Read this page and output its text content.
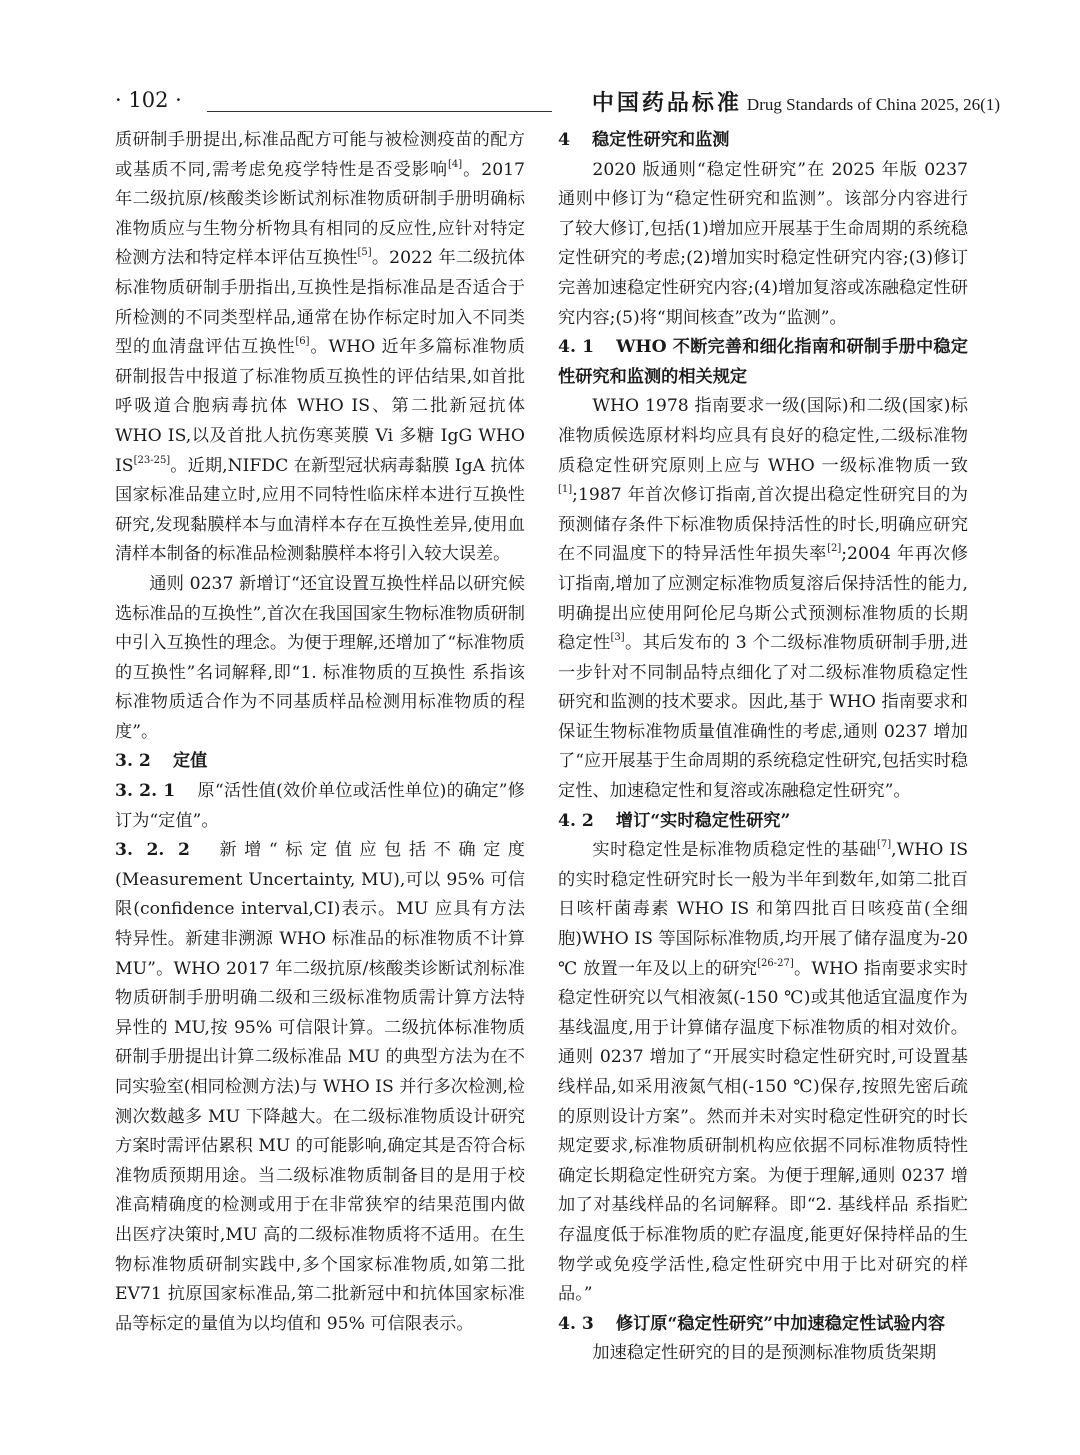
· 102 ·	中国药品标准 Drug Standards of China 2025, 26(1)

质研制手册提出,标准品配方可能与被检测疫苗的配方或基质不同,需考虑免疫学特性是否受影响[4]。2017 年二级抗原/核酸类诊断试剂标准物质研制手册明确标准物质应与生物分析物具有相同的反应性,应针对特定检测方法和特定样本评估互换性[5]。2022 年二级抗体标准物质研制手册指出,互换性是指标准品是否适合于所检测的不同类型样品,通常在协作标定时加入不同类型的血清盘评估互换性[6]。WHO 近年多篇标准物质研制报告中报道了标准物质互换性的评估结果,如首批呼吸道合胞病毒抗体 WHO IS、第二批新冠抗体 WHO IS,以及首批人抗伤寒荚膜 Vi 多糖 IgG WHO IS[23-25]。近期,NIFDC 在新型冠状病毒黏膜 IgA 抗体国家标准品建立时,应用不同特性临床样本进行互换性研究,发现黏膜样本与血清样本存在互换性差异,使用血清样本制备的标准品检测黏膜样本将引入较大误差。

通则 0237 新增订“还宜设置互换性样品以研究候选标准品的互换性”,首次在我国国家生物标准物质研制中引入互换性的理念。为便于理解,还增加了“标准物质的互换性”名词解释,即“1. 标准物质的互换性 系指该标准物质适合作为不同基质样品检测用标准物质的程度”。

3. 2 定值

3. 2. 1 原“活性值(效价单位或活性单位)的确定”修订为“定值”。

3. 2. 2 新增“标定值应包括不确定度(Measurement Uncertainty, MU),可以 95% 可信限(confidence interval,CI)表示。MU 应具有方法特异性。新建非溯源 WHO 标准品的标准物质不计算 MU”。WHO 2017 年二级抗原/核酸类诊断试剂标准物质研制手册明确二级和三级标准物质需计算方法特异性的 MU,按 95% 可信限计算。二级抗体标准物质研制手册提出计算二级标准品 MU 的典型方法为在不同实验室(相同检测方法)与 WHO IS 并行多次检测,检测次数越多 MU 下降越大。在二级标准物质设计研究方案时需评估累积 MU 的可能影响,确定其是否符合标准物质预期用途。当二级标准物质制备目的是用于校准高精确度的检测或用于在非常狭窄的结果范围内做出医疗决策时,MU 高的二级标准物质将不适用。在生物标准物质研制实践中,多个国家标准物质,如第二批 EV71 抗原国家标准品,第二批新冠中和抗体国家标准品等标定的量值为以均值和 95% 可信限表示。

4 稳定性研究和监测

2020 版通则“稳定性研究”在 2025 年版 0237 通则中修订为“稳定性研究和监测”。该部分内容进行了较大修订,包括(1)增加应开展基于生命周期的系统稳定性研究的考虑;(2)增加实时稳定性研究内容;(3)修订完善加速稳定性研究内容;(4)增加复溶或冻融稳定性研究内容;(5)将“期间核查”改为“监测”。

4. 1 WHO 不断完善和细化指南和研制手册中稳定性研究和监测的相关规定

WHO 1978 指南要求一级(国际)和二级(国家)标准物质候选原材料均应具有良好的稳定性,二级标准物质稳定性研究原则上应与 WHO 一级标准物质一致[1];1987 年首次修订指南,首次提出稳定性研究目的为预测储存条件下标准物质保持活性的时长,明确应研究在不同温度下的特异活性年损失率[2];2004 年再次修订指南,增加了应测定标准物质复溶后保持活性的能力,明确提出应使用阿伦尼乌斯公式预测标准物质的长期稳定性[3]。其后发布的 3 个二级标准物质研制手册,进一步针对不同制品特点细化了对二级标准物质稳定性研究和监测的技术要求。因此,基于 WHO 指南要求和保证生物标准物质量值准确性的考虑,通则 0237 增加了“应开展基于生命周期的系统稳定性研究,包括实时稳定性、加速稳定性和复溶或冻融稳定性研究”。

4. 2 增订“实时稳定性研究”

实时稳定性是标准物质稳定性的基础[7],WHO IS 的实时稳定性研究时长一般为半年到数年,如第二批百日咳杆菌毒素 WHO IS 和第四批百日咳疫苗(全细胞)WHO IS 等国际标准物质,均开展了储存温度为-20 ℃ 放置一年及以上的研究[26-27]。WHO 指南要求实时稳定性研究以气相液氮(-150 ℃)或其他适宜温度作为基线温度,用于计算储存温度下标准物质的相对效价。通则 0237 增加了“开展实时稳定性研究时,可设置基线样品,如采用液氮气相(-150 ℃)保存,按照先密后疏的原则设计方案”。然而并未对实时稳定性研究的时长规定要求,标准物质研制机构应依据不同标准物质特性确定长期稳定性研究方案。为便于理解,通则 0237 增加了对基线样品的名词解释。即“2. 基线样品 系指贮存温度低于标准物质的贮存温度,能更好保持样品的生物学或免疫学活性,稳定性研究中用于比对研究的样品。”

4. 3 修订原“稳定性研究”中加速稳定性试验内容

加速稳定性研究的目的是预测标准物质货架期
